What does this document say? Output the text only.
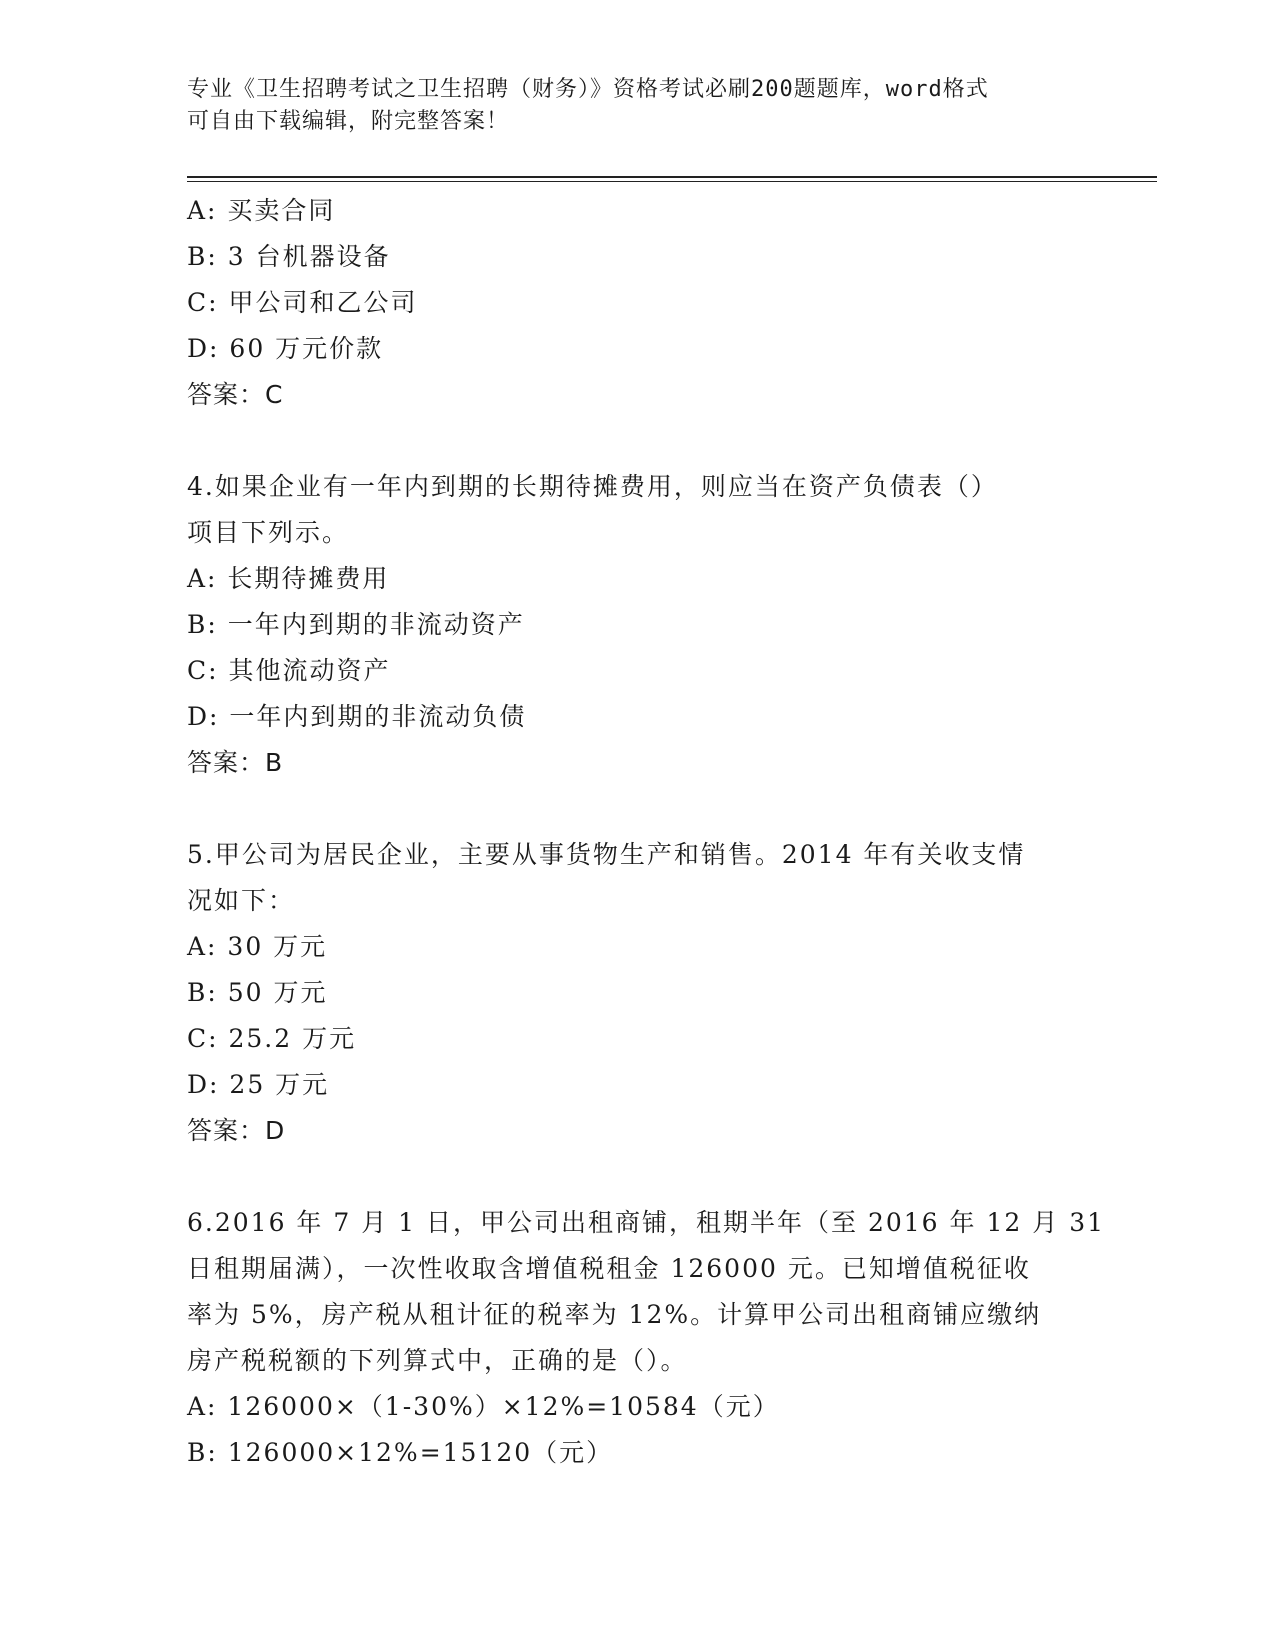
专业《卫生招聘考试之卫生招聘（财务）》资格考试必刷200题题库，word格式
可自由下载编辑，附完整答案！
A: 买卖合同
B: 3 台机器设备
C: 甲公司和乙公司
D: 60 万元价款
答案：C
4.如果企业有一年内到期的长期待摊费用，则应当在资产负债表（）
项目下列示。
A: 长期待摊费用
B: 一年内到期的非流动资产
C: 其他流动资产
D: 一年内到期的非流动负债
答案：B
5.甲公司为居民企业，主要从事货物生产和销售。2014 年有关收支情
况如下：
A: 30 万元
B: 50 万元
C: 25.2 万元
D: 25 万元
答案：D
6.2016 年 7 月 1 日，甲公司出租商铺，租期半年（至 2016 年 12 月 31
日租期届满），一次性收取含增值税租金 126000 元。已知增值税征收
率为 5%，房产税从租计征的税率为 12%。计算甲公司出租商铺应缴纳
房产税税额的下列算式中，正确的是（）。
A: 126000×（1-30%）×12%=10584（元）
B: 126000×12%=15120（元）
